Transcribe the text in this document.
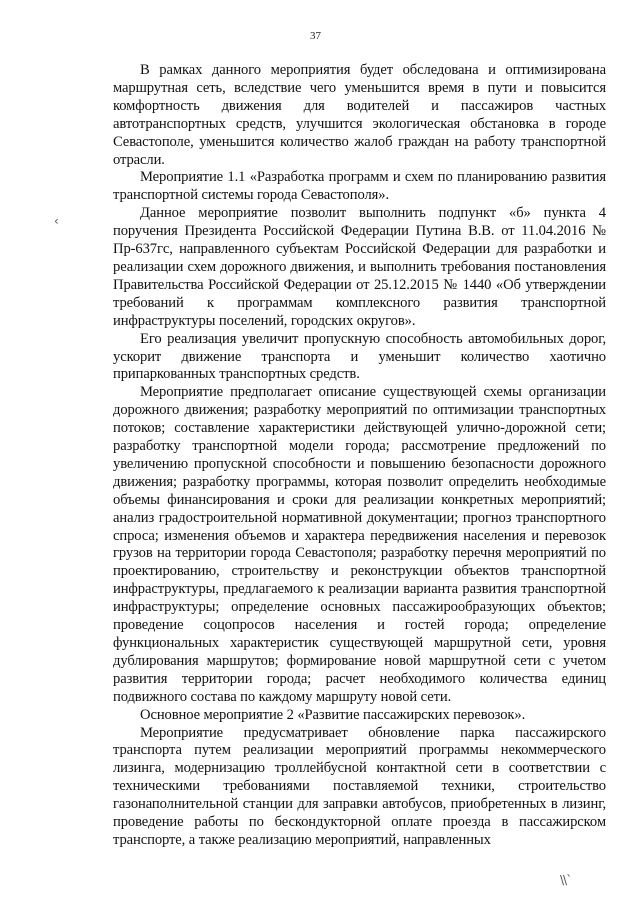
37
‹

В рамках данного мероприятия будет обследована и оптимизирована маршрутная сеть, вследствие чего уменьшится время в пути и повысится комфортность движения для водителей и пассажиров частных автотранспортных средств, улучшится экологическая обстановка в городе Севастополе, уменьшится количество жалоб граждан на работу транспортной отрасли.

Мероприятие 1.1 «Разработка программ и схем по планированию развития транспортной системы города Севастополя».

Данное мероприятие позволит выполнить подпункт «б» пункта 4 поручения Президента Российской Федерации Путина В.В. от 11.04.2016 № Пр-637гс, направленного субъектам Российской Федерации для разработки и реализации схем дорожного движения, и выполнить требования постановления Правительства Российской Федерации от 25.12.2015 № 1440 «Об утверждении требований к программам комплексного развития транспортной инфраструктуры поселений, городских округов».

Его реализация увеличит пропускную способность автомобильных дорог, ускорит движение транспорта и уменьшит количество хаотично припаркованных транспортных средств.

Мероприятие предполагает описание существующей схемы организации дорожного движения; разработку мероприятий по оптимизации транспортных потоков; составление характеристики действующей улично-дорожной сети; разработку транспортной модели города; рассмотрение предложений по увеличению пропускной способности и повышению безопасности дорожного движения; разработку программы, которая позволит определить необходимые объемы финансирования и сроки для реализации конкретных мероприятий; анализ градостроительной нормативной документации; прогноз транспортного спроса; изменения объемов и характера передвижения населения и перевозок грузов на территории города Севастополя; разработку перечня мероприятий по проектированию, строительству и реконструкции объектов транспортной инфраструктуры, предлагаемого к реализации варианта развития транспортной инфраструктуры; определение основных пассажирообразующих объектов; проведение соцопросов населения и гостей города; определение функциональных характеристик существующей маршрутной сети, уровня дублирования маршрутов; формирование новой маршрутной сети с учетом развития территории города; расчет необходимого количества единиц подвижного состава по каждому маршруту новой сети.

Основное мероприятие 2 «Развитие пассажирских перевозок».

Мероприятие предусматривает обновление парка пассажирского транспорта путем реализации мероприятий программы некоммерческого лизинга, модернизацию троллейбусной контактной сети в соответствии с техническими требованиями поставляемой техники, строительство газонаполнительной станции для заправки автобусов, приобретенных в лизинг, проведение работы по бескондукторной оплате проезда в пассажирском транспорте, а также реализацию мероприятий, направленных

\\`
